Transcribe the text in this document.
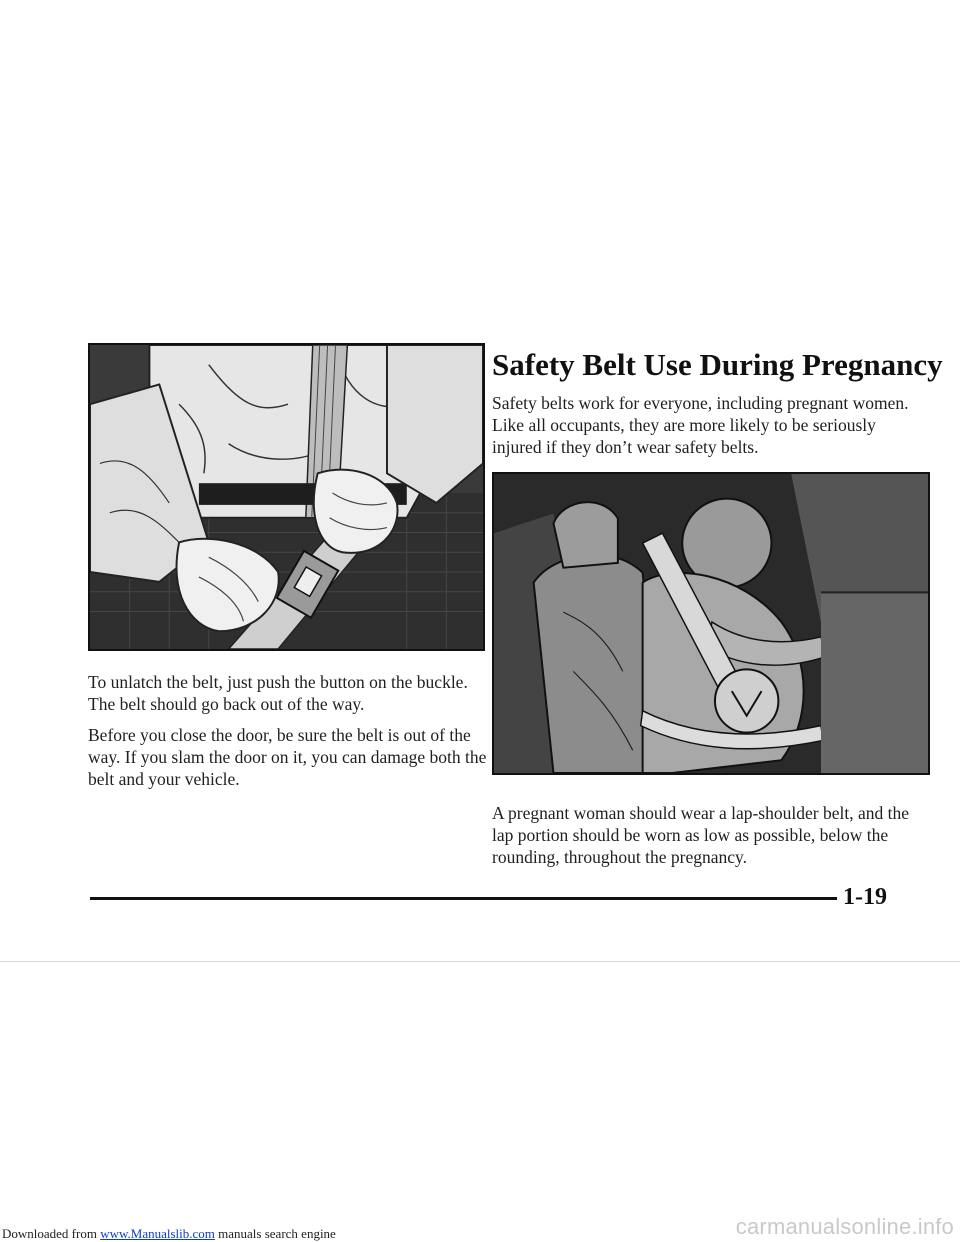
Safety Belt Use During Pregnancy

Safety belts work for everyone, including pregnant women. Like all occupants, they are more likely to be seriously injured if they don’t wear safety belts.

To unlatch the belt, just push the button on the buckle. The belt should go back out of the way.

Before you close the door, be sure the belt is out of the way. If you slam the door on it, you can damage both the belt and your vehicle.

A pregnant woman should wear a lap-shoulder belt, and the lap portion should be worn as low as possible, below the rounding, throughout the pregnancy.

1-19
carmanualsonline.info
Downloaded from www.Manualslib.com manuals search engine
